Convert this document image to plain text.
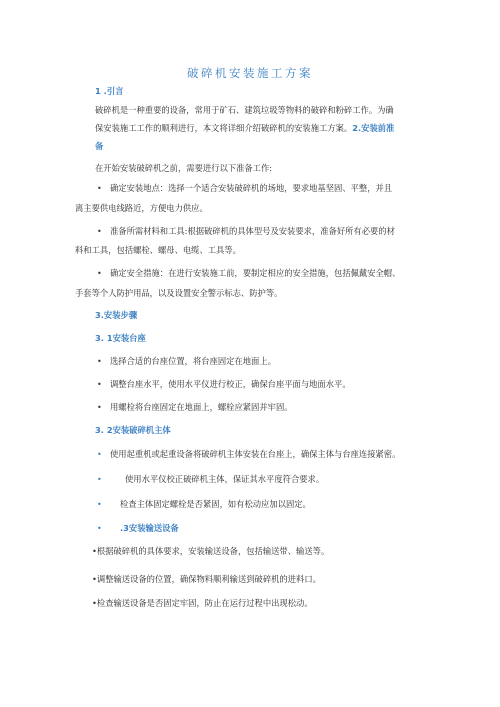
破碎机安装施工方案
1 .引言
破碎机是一种重要的设备，常用于矿石、建筑垃圾等物料的破碎和粉碎工作。为确
保安装施工工作的顺利进行，本文将详细介绍破碎机的安装施工方案。2.安装前准
备
在开始安装破碎机之前，需要进行以下准备工作:
• 确定安装地点：选择一个适合安装破碎机的场地，要求地基坚固、平整，并且
离主要供电线路近，方便电力供应。
• 准备所需材料和工具:根据破碎机的具体型号及安装要求，准备好所有必要的材
料和工具，包括螺栓、螺母、电缆、工具等。
• 确定安全措施：在进行安装施工前，要制定相应的安全措施，包括佩戴安全帽、
手套等个人防护用品，以及设置安全警示标志、防护等。
3.安装步骤
3. 1安装台座
• 选择合适的台座位置，将台座固定在地面上。
• 调整台座水平，使用水平仪进行校正，确保台座平面与地面水平。
• 用螺栓将台座固定在地面上，螺栓应紧固并牢固。
3. 2安装破碎机主体
• 使用起重机或起重设备将破碎机主体安装在台座上，确保主体与台座连接紧密。
•	使用水平仪校正破碎机主体，保证其水平度符合要求。
• 检查主体固定螺栓是否紧固，如有松动应加以固定。
• .3安装输送设备
•根据破碎机的具体要求，安装输送设备，包括输送带、输送等。
•调整输送设备的位置，确保物料顺利输送到破碎机的进料口。
•检查输送设备是否固定牢固，防止在运行过程中出现松动。
